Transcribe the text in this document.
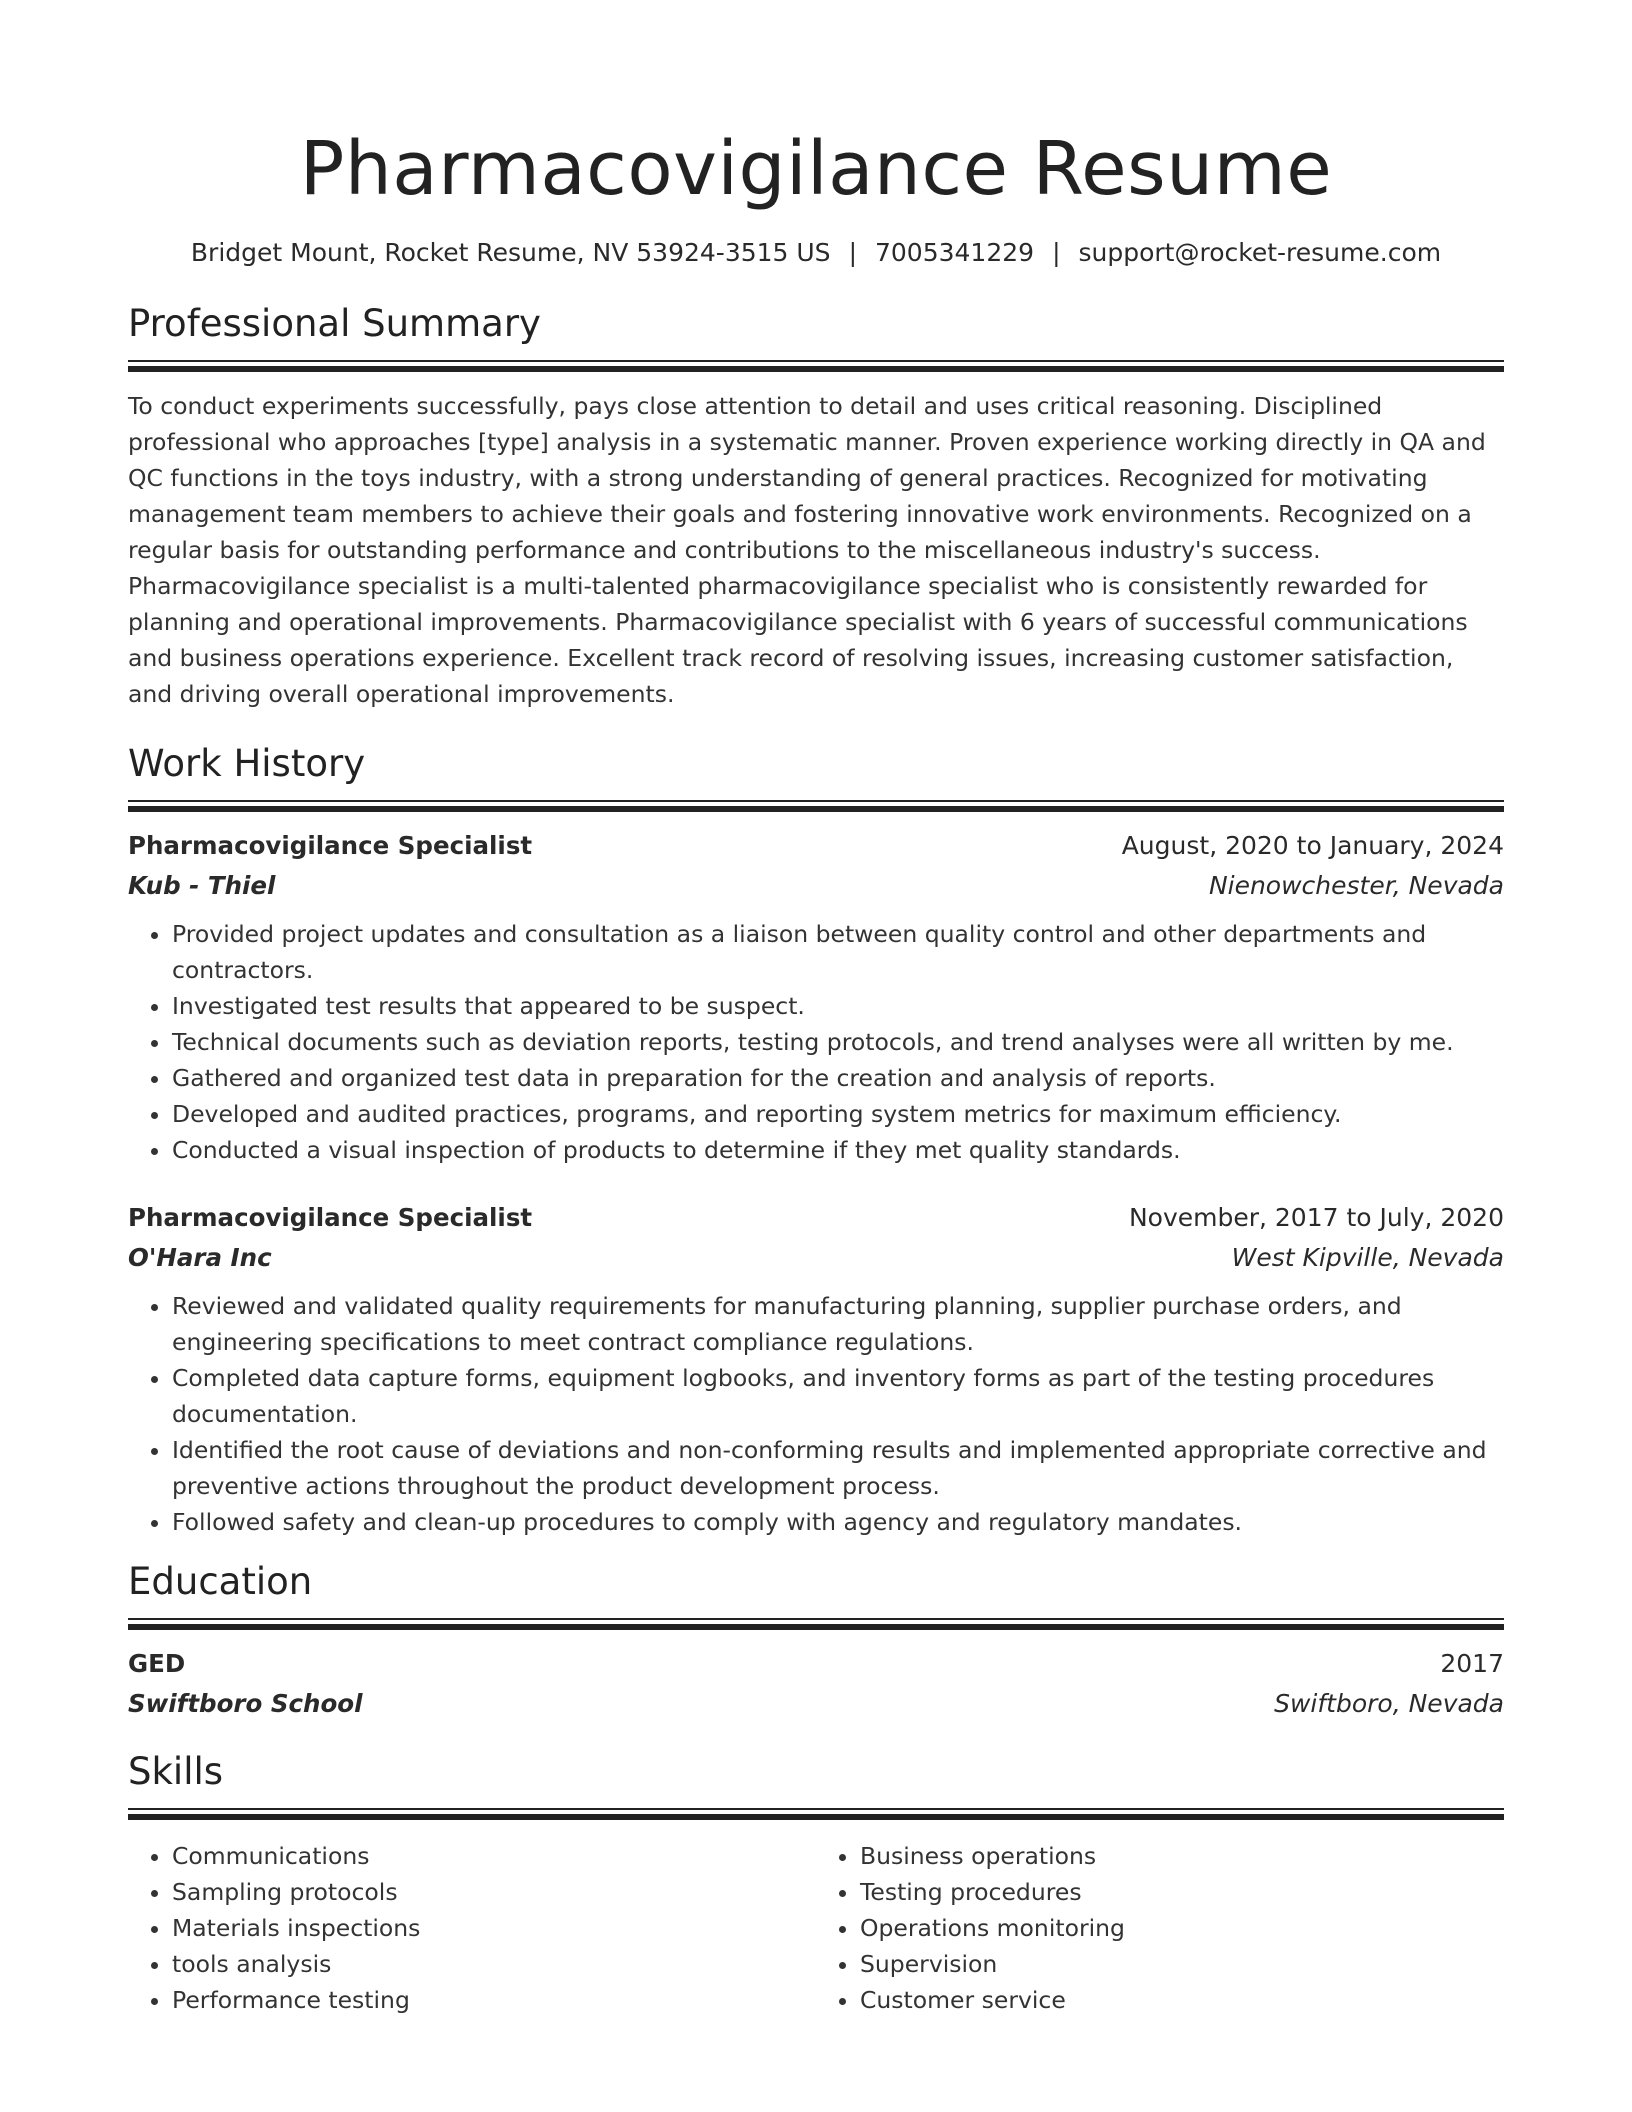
Pharmacovigilance Resume
Bridget Mount, Rocket Resume, NV 53924-3515 US | 7005341229 | support@rocket-resume.com
Professional Summary
To conduct experiments successfully, pays close attention to detail and uses critical reasoning. Disciplined professional who approaches [type] analysis in a systematic manner. Proven experience working directly in QA and QC functions in the toys industry, with a strong understanding of general practices. Recognized for motivating management team members to achieve their goals and fostering innovative work environments. Recognized on a regular basis for outstanding performance and contributions to the miscellaneous industry's success. Pharmacovigilance specialist is a multi-talented pharmacovigilance specialist who is consistently rewarded for planning and operational improvements. Pharmacovigilance specialist with 6 years of successful communications and business operations experience. Excellent track record of resolving issues, increasing customer satisfaction, and driving overall operational improvements.
Work History
Pharmacovigilance Specialist	August, 2020 to January, 2024
Kub - Thiel	Nienowchester, Nevada
• Provided project updates and consultation as a liaison between quality control and other departments and contractors.
• Investigated test results that appeared to be suspect.
• Technical documents such as deviation reports, testing protocols, and trend analyses were all written by me.
• Gathered and organized test data in preparation for the creation and analysis of reports.
• Developed and audited practices, programs, and reporting system metrics for maximum efficiency.
• Conducted a visual inspection of products to determine if they met quality standards.
Pharmacovigilance Specialist	November, 2017 to July, 2020
O'Hara Inc	West Kipville, Nevada
• Reviewed and validated quality requirements for manufacturing planning, supplier purchase orders, and engineering specifications to meet contract compliance regulations.
• Completed data capture forms, equipment logbooks, and inventory forms as part of the testing procedures documentation.
• Identified the root cause of deviations and non-conforming results and implemented appropriate corrective and preventive actions throughout the product development process.
• Followed safety and clean-up procedures to comply with agency and regulatory mandates.
Education
GED	2017
Swiftboro School	Swiftboro, Nevada
Skills
• Communications
• Sampling protocols
• Materials inspections
• tools analysis
• Performance testing
• Business operations
• Testing procedures
• Operations monitoring
• Supervision
• Customer service
